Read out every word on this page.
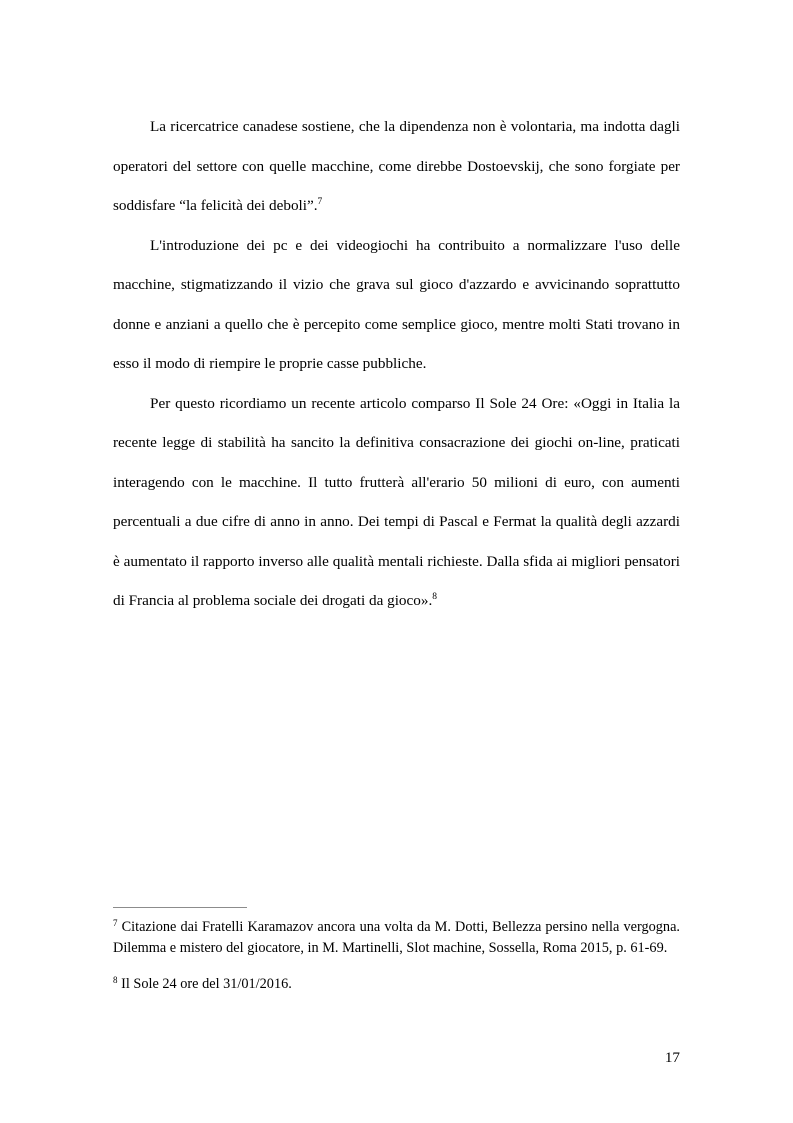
La ricercatrice canadese sostiene, che la dipendenza non è volontaria, ma indotta dagli operatori del settore con quelle macchine, come direbbe Dostoevskij, che sono forgiate per soddisfare “la felicità dei deboli”.$^7$

L'introduzione dei pc e dei videogiochi ha contribuito a normalizzare l'uso delle macchine, stigmatizzando il vizio che grava sul gioco d'azzardo e avvicinando soprattutto donne e anziani a quello che è percepito come semplice gioco, mentre molti Stati trovano in esso il modo di riempire le proprie casse pubbliche.

Per questo ricordiamo un recente articolo comparso Il Sole 24 Ore: «Oggi in Italia la recente legge di stabilità ha sancito la definitiva consacrazione dei giochi on-line, praticati interagendo con le macchine. Il tutto frutterà all'erario 50 milioni di euro, con aumenti percentuali a due cifre di anno in anno. Dei tempi di Pascal e Fermat la qualità degli azzardi è aumentato il rapporto inverso alle qualità mentali richieste. Dalla sfida ai migliori pensatori di Francia al problema sociale dei drogati da gioco».$^8$

$^7$ Citazione dai Fratelli Karamazov ancora una volta da M. Dotti, Bellezza persino nella vergogna. Dilemma e mistero del giocatore, in M. Martinelli, Slot machine, Sossella, Roma 2015, p. 61-69.

$^8$ Il Sole 24 ore del 31/01/2016.

17
